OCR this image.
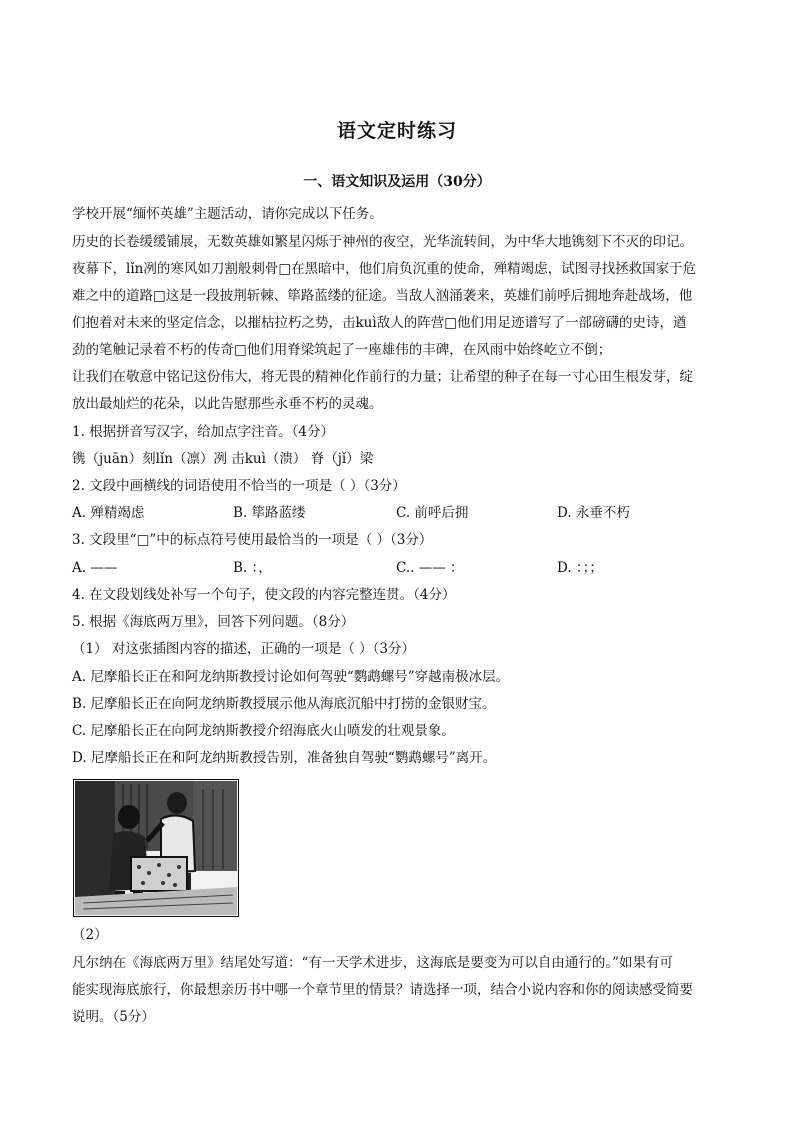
语文定时练习
一、语文知识及运用（30分）
学校开展“缅怀英雄”主题活动，请你完成以下任务。
历史的长卷缓缓铺展，无数英雄如繁星闪烁于神州的夜空，光华流转间，为中华大地镌刻下不灭的印记。
夜幕下，lǐn冽的寒风如刀割般刺骨□在黑暗中，他们肩负沉重的使命，殚精竭虑，试图寻找拯救国家于危
难之中的道路□这是一段披荆斩棘、筚路蓝缕的征途。当敌人汹涌袭来，英雄们前呼后拥地奔赴战场，他
们抱着对未来的坚定信念，以摧枯拉朽之势，击kuì敌人的阵营□他们用足迹谱写了一部磅礴的史诗，遒
劲的笔触记录着不朽的传奇□他们用脊梁筑起了一座雄伟的丰碑，在风雨中始终屹立不倒；
让我们在敬意中铭记这份伟大，将无畏的精神化作前行的力量；让希望的种子在每一寸心田生根发芽，绽
放出最灿烂的花朵，以此告慰那些永垂不朽的灵魂。
1. 根据拼音写汉字，给加点字注音。（4分）
镌（juān）刻lǐn（凛）冽 击kuì（溃） 脊（jǐ）梁
2. 文段中画横线的词语使用不恰当的一项是（ ）（3分）
A. 殚精竭虑	B. 筚路蓝缕	C. 前呼后拥	D. 永垂不朽
3. 文段里“□”中的标点符号使用最恰当的一项是（ ）（3分）
A. ——	B. ：，	C.. —— ：	D. ：；；
4. 在文段划线处补写一个句子，使文段的内容完整连贯。（4分）
5. 根据《海底两万里》，回答下列问题。（8分）
（1） 对这张插图内容的描述，正确的一项是（ ）（3分）
A. 尼摩船长正在和阿龙纳斯教授讨论如何驾驶“鹦鹉螺号”穿越南极冰层。
B. 尼摩船长正在向阿龙纳斯教授展示他从海底沉船中打捞的金银财宝。
C. 尼摩船长正在向阿龙纳斯教授介绍海底火山喷发的壮观景象。
D. 尼摩船长正在和阿龙纳斯教授告别，准备独自驾驶“鹦鹉螺号”离开。
（2）
凡尔纳在《海底两万里》结尾处写道：“有一天学术进步，这海底是要变为可以自由通行的。”如果有可
能实现海底旅行，你最想亲历书中哪一个章节里的情景？请选择一项，结合小说内容和你的阅读感受简要
说明。（5分）
